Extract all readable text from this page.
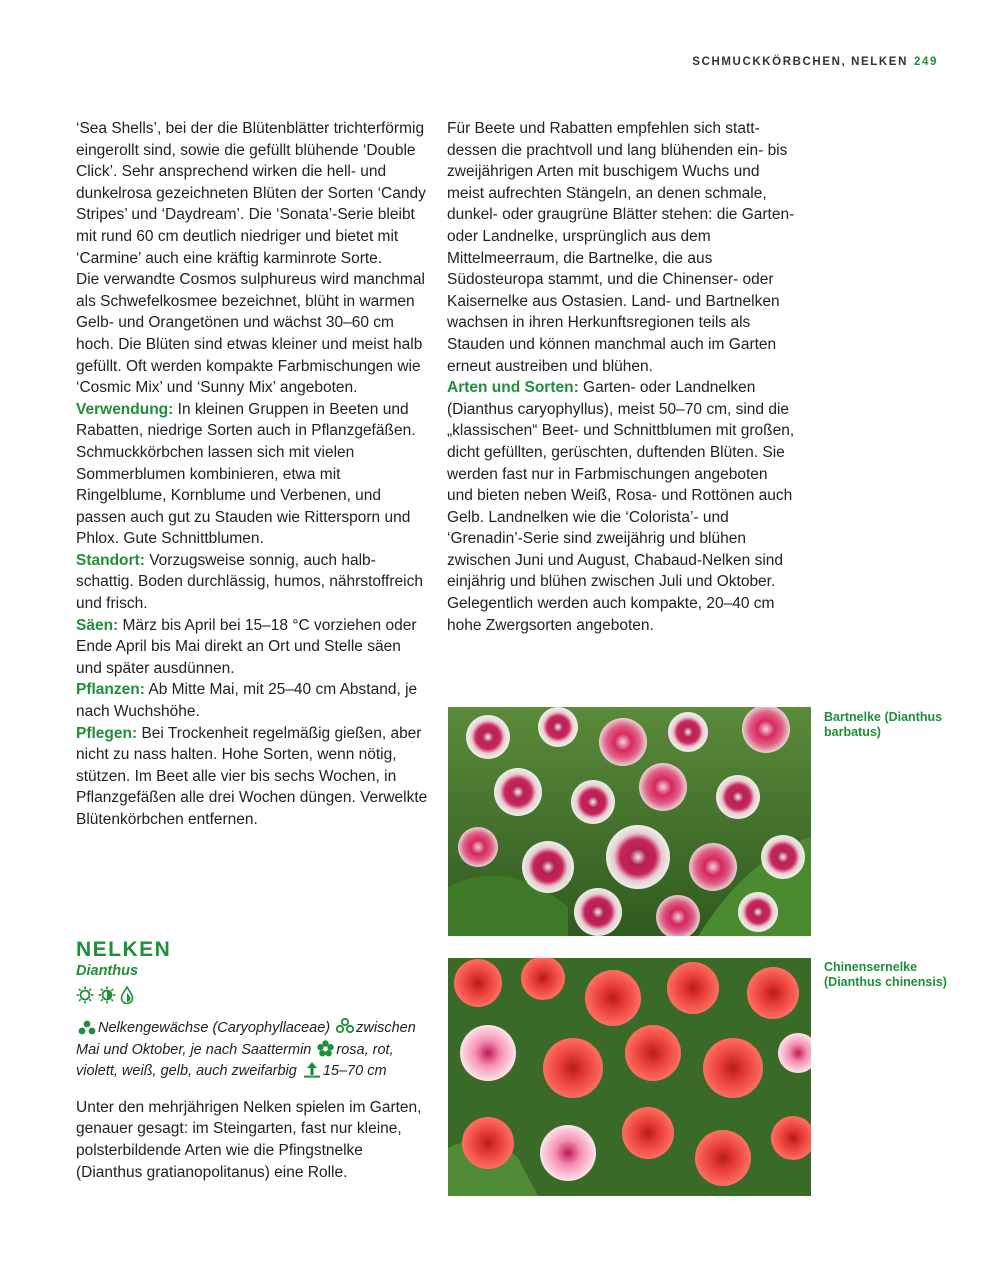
SCHMUCKKÖRBCHEN, NELKEN 249

‘Sea Shells’, bei der die Blütenblätter trichterförmig eingerollt sind, sowie die gefüllt blühende ‘Double Click’. Sehr ansprechend wirken die hell- und dunkelrosa gezeichneten Blüten der Sorten ‘Candy Stripes’ und ‘Daydream’. Die ‘Sonata’-Serie bleibt mit rund 60 cm deutlich niedriger und bietet mit ‘Carmine’ auch eine kräftig karminrote Sorte.

Die verwandte Cosmos sulphureus wird manchmal als Schwefelkosmee bezeichnet, blüht in warmen Gelb- und Orangetönen und wächst 30–60 cm hoch. Die Blüten sind etwas kleiner und meist halb gefüllt. Oft werden kompakte Farbmischungen wie ‘Cosmic Mix’ und ‘Sunny Mix’ angeboten.

Verwendung: In kleinen Gruppen in Beeten und Rabatten, niedrige Sorten auch in Pflanzgefäßen. Schmuckkörbchen lassen sich mit vielen Sommerblumen kombinieren, etwa mit Ringelblume, Kornblume und Verbenen, und passen auch gut zu Stauden wie Rittersporn und Phlox. Gute Schnittblumen.

Standort: Vorzugsweise sonnig, auch halbschattig. Boden durchlässig, humos, nährstoffreich und frisch.

Säen: März bis April bei 15–18 °C vorziehen oder Ende April bis Mai direkt an Ort und Stelle säen und später ausdünnen.

Pflanzen: Ab Mitte Mai, mit 25–40 cm Abstand, je nach Wuchshöhe.

Pflegen: Bei Trockenheit regelmäßig gießen, aber nicht zu nass halten. Hohe Sorten, wenn nötig, stützen. Im Beet alle vier bis sechs Wochen, in Pflanzgefäßen alle drei Wochen düngen. Verwelkte Blütenkörbchen entfernen.

Für Beete und Rabatten empfehlen sich stattdessen die prachtvoll und lang blühenden ein- bis zweijährigen Arten mit buschigem Wuchs und meist aufrechten Stängeln, an denen schmale, dunkel- oder graugrüne Blätter stehen: die Garten- oder Landnelke, ursprünglich aus dem Mittelmeerraum, die Bartnelke, die aus Südosteuropa stammt, und die Chinenser- oder Kaisernelke aus Ostasien. Land- und Bartnelken wachsen in ihren Herkunftsregionen teils als Stauden und können manchmal auch im Garten erneut austreiben und blühen.

Arten und Sorten: Garten- oder Landnelken (Dianthus caryophyllus), meist 50–70 cm, sind die „klassischen“ Beet- und Schnittblumen mit großen, dicht gefüllten, gerüschten, duftenden Blüten. Sie werden fast nur in Farbmischungen angeboten und bieten neben Weiß, Rosa- und Rottönen auch Gelb. Landnelken wie die ‘Colorista’- und ‘Grenadin’-Serie sind zweijährig und blühen zwischen Juni und August, Chabaud-Nelken sind einjährig und blühen zwischen Juli und Oktober. Gelegentlich werden auch kompakte, 20–40 cm hohe Zwergsorten angeboten.

NELKEN

Dianthus

Nelkengewächse (Caryophyllaceae) zwischen Mai und Oktober, je nach Saattermin rosa, rot, violett, weiß, gelb, auch zweifarbig 15–70 cm

Unter den mehrjährigen Nelken spielen im Garten, genauer gesagt: im Steingarten, fast nur kleine, polsterbildende Arten wie die Pfingstnelke (Dianthus gratianopolitanus) eine Rolle.

Bartnelke (Dianthus barbatus)
Chinensernelke (Dianthus chinensis)
